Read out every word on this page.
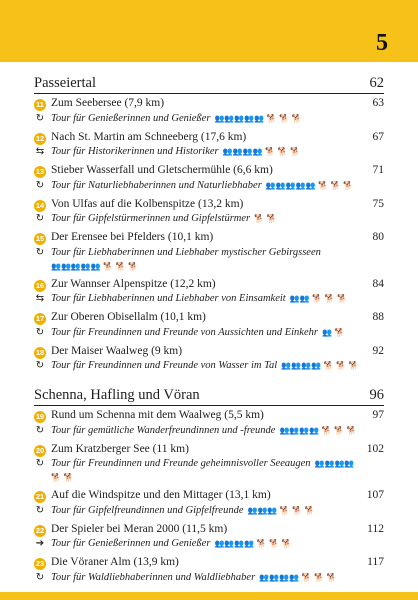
5
Passeiertal	62
11 Zum Seebersee (7,9 km)	63
↻ Tour für Genießerinnen und Genießer 👥👥👥👥👥 🐕 🐕 🐕
12 Nach St. Martin am Schneeberg (17,6 km)	67
⇆ Tour für Historikerinnen und Historiker 👥👥👥👥 🐕 🐕 🐕
13 Stieber Wasserfall und Gletschermühle (6,6 km)	71
↻ Tour für Naturliebhaberinnen und Naturliebhaber 👥👥👥👥👥 🐕 🐕 🐕
14 Von Ulfas auf die Kolbenspitze (13,2 km)	75
↻ Tour für Gipfelstürmerinnen und Gipfelstürmer 🐕 🐕
15 Der Erensee bei Pfelders (10,1 km)	80
↻ Tour für Liebhaberinnen und Liebhaber mystischer Gebirgsseen
👥👥👥👥👥 🐕 🐕 🐕
16 Zur Wannser Alpenspitze (12,2 km)	84
⇆ Tour für Liebhaberinnen und Liebhaber von Einsamkeit 👥👥 🐕 🐕 🐕
17 Zur Oberen Obisellalm (10,1 km)	88
↻ Tour für Freundinnen und Freunde von Aussichten und Einkehr 👥 🐕
18 Der Maiser Waalweg (9 km)	92
↻ Tour für Freundinnen und Freunde von Wasser im Tal 👥👥👥👥 🐕 🐕 🐕
Schenna, Hafling und Vöran	96
19 Rund um Schenna mit dem Waalweg (5,5 km)	97
↻ Tour für gemütliche Wanderfreundinnen und -freunde 👥👥👥👥 🐕 🐕 🐕
20 Zum Kratzberger See (11 km)	102
↻ Tour für Freundinnen und Freunde geheimnisvoller Seeaugen 👥👥👥👥
🐕 🐕
21 Auf die Windspitze und den Mittager (13,1 km)	107
↻ Tour für Gipfelfreundinnen und Gipfelfreunde 👥👥👥 🐕 🐕 🐕
22 Der Spieler bei Meran 2000 (11,5 km)	112
➔ Tour für Genießerinnen und Genießer 👥👥👥👥 🐕 🐕 🐕
23 Die Vöraner Alm (13,9 km)	117
↻ Tour für Waldliebhaberinnen und Waldliebhaber 👥👥👥👥 🐕 🐕 🐕
